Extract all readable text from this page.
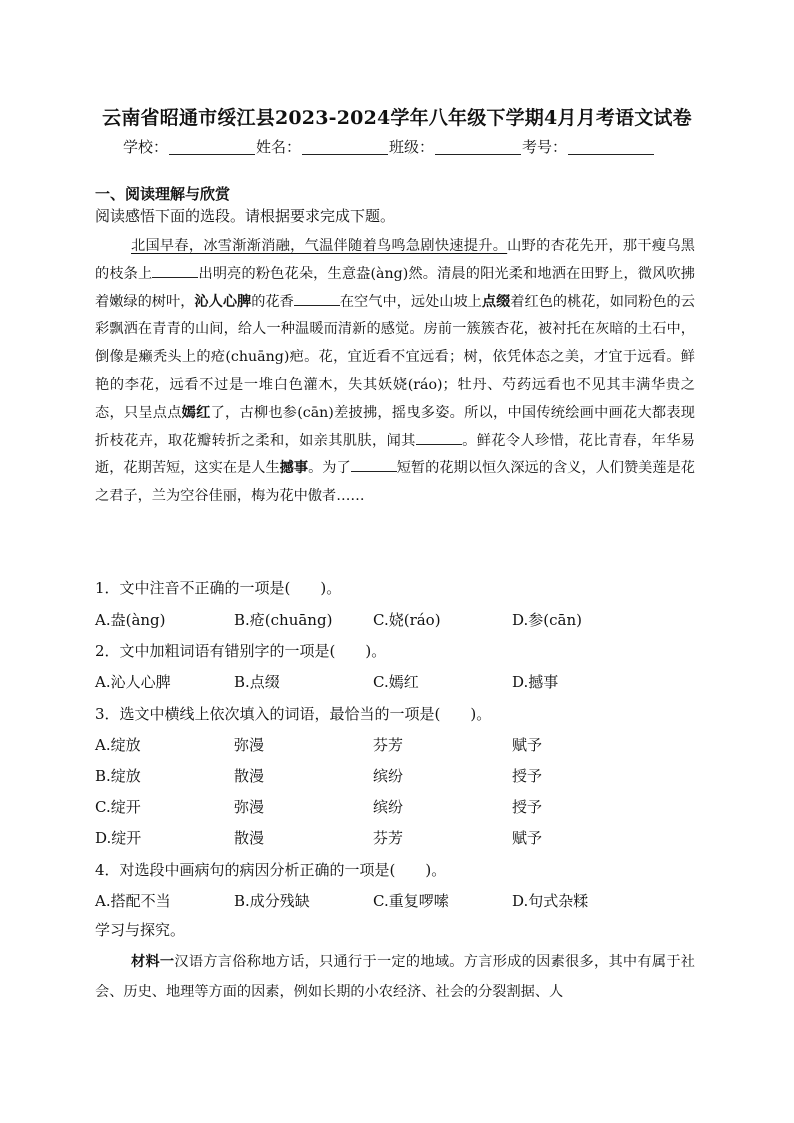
云南省昭通市绥江县2023-2024学年八年级下学期4月月考语文试卷
学校：	姓名：	班级：	考号：
一、阅读理解与欣赏
阅读感悟下面的选段。请根据要求完成下题。

北国早春，冰雪渐渐消融，气温伴随着鸟鸣急剧快速提升。山野的杏花先开，那干瘦乌黑的枝条上	出明亮的粉色花朵，生意盎(àng)然。清晨的阳光柔和地洒在田野上，微风吹拂着嫩绿的树叶，沁人心脾的花香	在空气中，远处山坡上点缀着红色的桃花，如同粉色的云彩飘洒在青青的山间，给人一种温暖而清新的感觉。房前一簇簇杏花，被衬托在灰暗的土石中，倒像是癞秃头上的疮(chuāng)疤。花，宜近看不宜远看；树，依凭体态之美，才宜于远看。鲜艳的李花，远看不过是一堆白色灌木，失其妖娆(ráo)；牡丹、芍药远看也不见其丰满华贵之态，只呈点点嫣红了，古柳也参(cān)差披拂，摇曳多姿。所以，中国传统绘画中画花大都表现折枝花卉，取花瓣转折之柔和，如亲其肌肤，闻其	。鲜花令人珍惜，花比青春，年华易逝，花期苦短，这实在是人生撼事。为了	短暂的花期以恒久深远的含义，人们赞美莲是花之君子，兰为空谷佳丽，梅为花中傲者……

1．文中注音不正确的一项是(　　)。
A.盎(àng)	B.疮(chuāng)	C.娆(ráo)	D.参(cān)
2．文中加粗词语有错别字的一项是(　　)。
A.沁人心脾	B.点缀	C.嫣红	D.撼事
3．选文中横线上依次填入的词语，最恰当的一项是(　　)。
A.绽放	弥漫	芬芳	赋予
B.绽放	散漫	缤纷	授予
C.绽开	弥漫	缤纷	授予
D.绽开	散漫	芬芳	赋予
4．对选段中画病句的病因分析正确的一项是(　　)。
A.搭配不当	B.成分残缺	C.重复啰嗦	D.句式杂糅
学习与探究。

材料一汉语方言俗称地方话，只通行于一定的地域。方言形成的因素很多，其中有属于社会、历史、地理等方面的因素，例如长期的小农经济、社会的分裂割据、人
